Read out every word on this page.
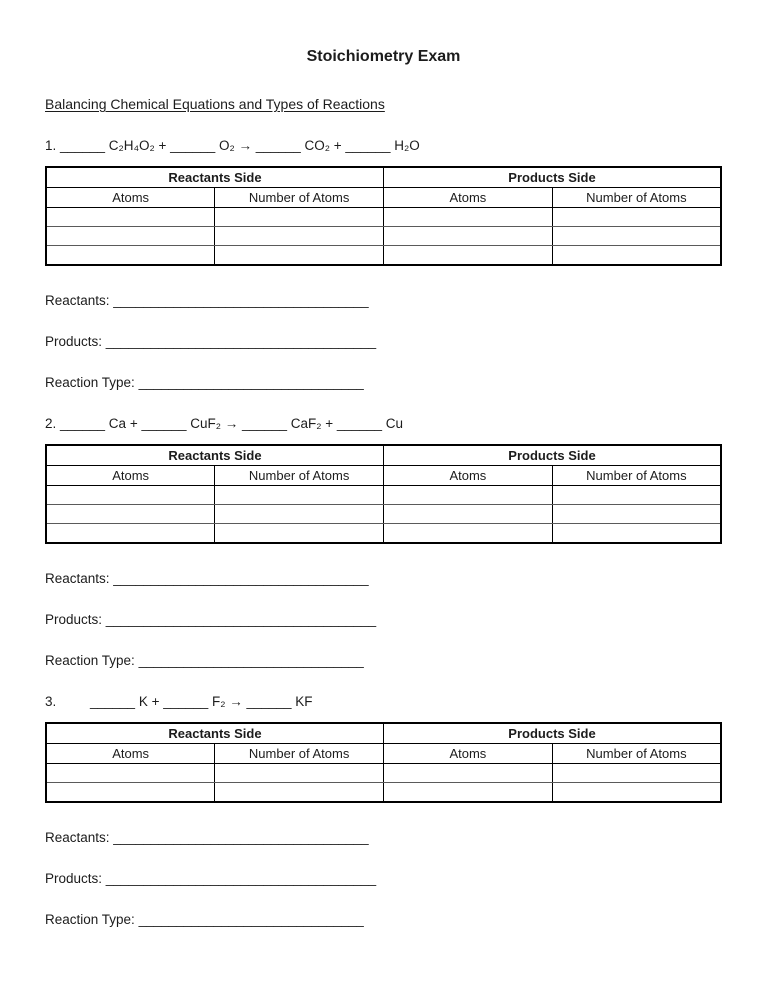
Stoichiometry Exam
Balancing Chemical Equations and Types of Reactions
1. ______ C₂H₄O₂ + ______ O₂ → ______ CO₂ + ______ H₂O
Reactants Side		Products Side	
Atoms	Number of Atoms	Atoms	Number of Atoms

Reactants: __________________________________
Products: ____________________________________
Reaction Type: ______________________________
2. ______ Ca + ______ CuF₂ → ______ CaF₂ + ______ Cu
Reactants Side		Products Side	
Atoms	Number of Atoms	Atoms	Number of Atoms

Reactants: __________________________________
Products: ____________________________________
Reaction Type: ______________________________
3.         ______ K + ______ F₂ → ______ KF
Reactants Side		Products Side	
Atoms	Number of Atoms	Atoms	Number of Atoms

Reactants: __________________________________
Products: ____________________________________
Reaction Type: ______________________________
